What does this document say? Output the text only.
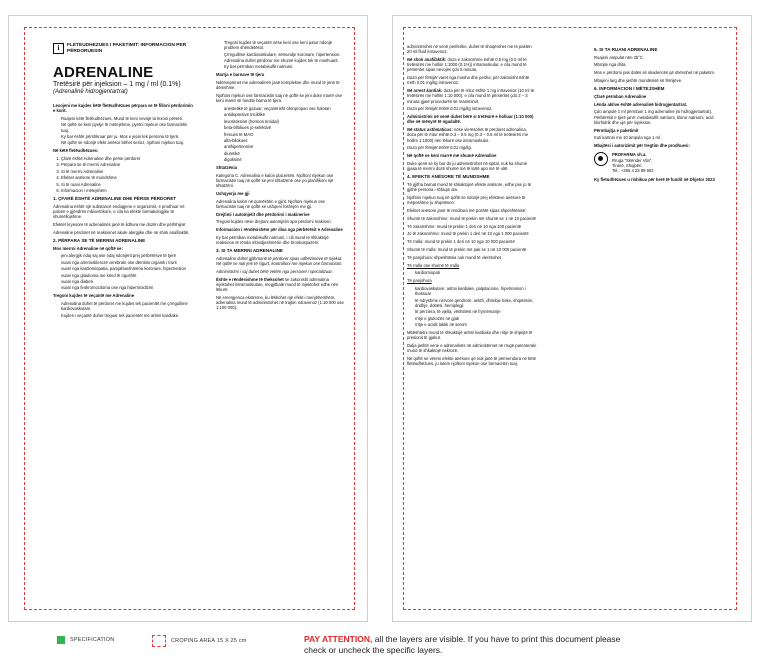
i	FLETËUDHËZUES I PAKETIMIT: INFORMACION PËR PËRDORUESIN
ADRENALINE
Tretësirë për injeksion – 1 mg / ml (0.1%)
(Adrenalinë hidrogjentartrat)

Lexojeni me kujdes këtë fletëudhëzues përpara se të filloni përdorimin e kurit.

• Ruajeni këtë fletëudhëzues. Mund të keni nevojë ta lexoni përsëri.
• Në qoftë se keni pyetje të mëtejshme, pyetni mjekun ose farmacistin tuaj.
• Ky bar është përshkruar për ju. Mos e jepni tek persona të tjerë.
• Në qoftë se ndonjë efekt anësor bëhet serioz, njoftoni mjekun tuaj.

Në këtë fletëudhëzues:

1. Çfarë është Adrenaline dhe përse përdoret
2. Përpara se të merrni Adrenaline
3. Si të merrni Adrenaline
4. Efektet anësore të mundshme
5. Si të ruani Adrenaline
6. Informacion i mëtejshëm
1. ÇFARË ËSHTË ADRENALINE DHE PËRSE PËRDORET

Adrenalina është një substancë endogjene e organizmit, e prodhuar në palcën e gjëndrës mbiveshkore, e cila ka efekte farmakologjike të shumëllojshme.

Efektet kryesore të adrenalinës janë të lidhura me dozën dhe përfshijnë:

Adrenaline përdoret në reaksionet akute alergjike dhe në shok anafilaktik.

2. PËRPARA SE TË MERRNI ADRENALINE

Mos merrni Adrenaline në qoftë se:

• jeni alergjik ndaj saj ose ndaj ndonjërit prej përbërësve të tjerë
• vuani nga arteriosklerozë cerebrale ose dëmtimi organik i trurit
• vuani nga kardiomiopatia, pamjaftueshmëria koronare, hipertension
• vuani nga glaukoma me kënd të ngushtë
• vuani nga diabeti
• vuani nga feokromocitoma ose nga hipertiroidizmi

Tregoni kujdes të veçantë me Adrenaline

• Adrenalina duhet të përdoret me kujdes tek pacientët me çrregullime kardiovaskulare.
• Kujdes i veçantë duhet treguar tek pacientët me aritmi kardiake.
• Tregoni kujdes të veçantë nëse keni ose keni patur ndonjë problem shëndetësor.
• Çrregullime kardiovaskulare, sëmundje koronare, hipertension.
• Adrenalina duhet përdorur me shumë kujdes tek të moshuarit.
• Ky bar përmban metabisulfit natriumi.

Marrja e barnave të tjera

Ndërveprimet me adrenalinën janë komplekse dhe mund të jenë të dëmshme.

Njoftoni mjekun ose farmacistin tuaj në qoftë se jeni duke marrë ose keni marrë së fundmi barna të tjera.

• anestetikë të gazuar, veçanërisht ciklopropan ose halotan
• antidepresivë triciklikë
• levotiroksinë (hormon tiroidal)
• beta-bllokues jo-selektivë
• frenues të MAO
• alfa-bllokues
• antihipertensivë
• diuretikë
• digoksinë

Shtatzënia

Kategoria C. Adrenalina e kalon placentën. Njoftoni mjekun ose farmacistin tuaj në qoftë se jeni shtatzënë ose po planifikoni një shtatzëni.

Ushqyerja me gji

Adrenalina kalon në qumështin e gjirit. Njoftoni mjekun ose farmacistin tuaj në qoftë se ushqeni foshnjën me gji.

Drejtimi i automjetit dhe përdorimi i makinerive

Tregoni kujdes nëse drejtoni automjetin apo përdorni makineri.

Informacion i rëndësishëm për disa nga përbërësit e Adrenaline

Ky bar përmban metabisulfit natriumi, i cili mund të shkaktojë reaksione të rënda mbindjeshmërie dhe bronkospazëm.

3. SI TA MERRNI ADRENALINE

Adrenaline duhet gjithmonë të përdoret sipas udhëzimeve të mjekut. Në qoftë se nuk jeni të sigurt, kontrolloni me mjekun ose farmacistin.

Administrimi i saj duhet bërë vetëm nga personel i specializuar.

Ështe e rëndësishme të theksohet se zakonisht adrenalina injektohet intramuskulare, megjithatë mund të injektohet edhe nën lëkurë.

Në emergjenca ekstreme, ku lëkkohet një efekt i menjëhershëm, adrenalina mund të administrohet në trajtim intravenoz (1:10 000 ose 1:100 000).

administrohet në venë periferike, duhet të shoqërohet me të paktën 20 ml fluid intravenoz.

Në shok anafilaktik: doza e zakonshme është 0.5 mg (0.5 ml të tretësirës me hollim 1:1000 (0.1%)) intramuskular, e cila mund të përsëritet sipas nevojës çdo 5 minuta.

Doza për fëmijët varet nga mosha dhe pesha; për zakonisht është rreth 0.01 mg/kg intravenoz.

Në arrest kardiak: doza për të rritur është 1 mg intravenoz (10 ml të tretësirës me hollim 1:10 000), e cila mund të përsëritet çdo 2 – 3 minuta gjatë procedurës së reanimimit.

Doza për fëmijët është 0.01 mg/kg intravenoz.

Administrimi në venë duhet bërë si tretësirë e holluar (1:10 000) dhe në mënyrë të ngadaltë.

Në status asthmaticus: nëse vlerësohet të përdoret adrenalina, doza për të rritur është 0.3 – 0.5 mg (0.3 – 0.5 ml të tretësirës me hollim 1:1000) nën lëkurë ose intramuskular.

Doza për fëmijët është 0.01 mg/kg.

Në qoftë se keni marrë më shumë Adrenaline

Duke qenë se ky bar do ju administrohet në spital, nuk ka shumë gjasa të merrni dozë shumë më të lartë apo më të ulët.

4. EFEKTE ANËSORE TË MUNDSHME

Të gjitha barnat mund të shkaktojnë efekte anësore, edhe pse jo të gjithë persona i shfaqin ato.

Njoftoni mjekun tuaj në qoftë se ndonjë prej efekteve anësore të mëposhtme ju shqetëson:

Efektet anësore janë të renditura më poshtë sipas shpeshtësisë:

Shumë të zakonshme: mund të prekin më shumë se 1 në 10 pacientë

Të zakonshme: mund të prekin 1 deri në 10 nga 100 pacientë

Jo të zakonshme: mund të prekin 1 deri në 10 nga 1 000 pacientë

Të rralla: mund të prekin 1 deri në 10 nga 10 000 pacientë

Shumë të rralla: mund të prekin më pak se 1 në 10 000 pacientë

Të panjohura: shpeshtësia nuk mund të vlerësohet

Të rralla ose shumë të rralla

• kardiomiopati

Të panjohura

• kardiovaskulare: aritmi kardiake, palpitacione, hipertension i theksuar
• të ndryshme nervore qendrore: ankth, dhimbje koke, shqetësim, dridhje, dobësi, hemiplegji
• të përziera, të vjella, vështirësi në frymëmarrje
• rritje e glukozës në gjak
• rritje e acidit laktik në serum

Mbështetni mund të shkaktojë aritmi kardiake dhe rritje të shpejtë të presionit të gjakut.

Dalja jashtë vene e adrenalinës në administrimet në rrugë parenterale mund të shkaktojë nekrozë.

Në qoftë se vëreni efekte anësore që nuk janë të përmendura në këtë fletëudhëzues, ju lutem njoftoni mjekun ose farmacistin tuaj.

5. SI TA RUANI ADRENALINE

Ruajeni ampulat nën 25°C.

Mbrojte nga drita.

Mos e përdorni pas datës së skadencës që shënohet në paketim.

Mbajeni larg dhe jashtë mundësisë së fëmijëve.

6. INFORMACION I MËTEJSHËM

Çfarë përmban Adrenaline

Lënda aktive është adrenalinë hidrogjentartrat.

Çdo ampulë 1 ml përmban 1 mg adrenalinë (si hidrogjentartrat). Përbërësit e tjerë janë: metabisulfit natriumi, klorur natriumi, acid klorhidrik dhe ujë për injeksion.

Përmbajtja e paketimit

Kuti kartoni me 10 ampula nga 1 ml.

Mbajtësi i autorizimit për tregtim dhe prodhuesi:

PROFARMA sh.a.
Rruga "Skënder Vila",
Tiranë, Shqipëri.
Tel.: +355 4 23 89 602

Ky fletudhëzues u rishikua për herë të fundit në Dhjetor 2023

SPECIFICATION	CROPING AREA 15 X 25 cm	PAY ATTENTION, all the layers are visible. If you have to print this document please check or uncheck the specific layers.
